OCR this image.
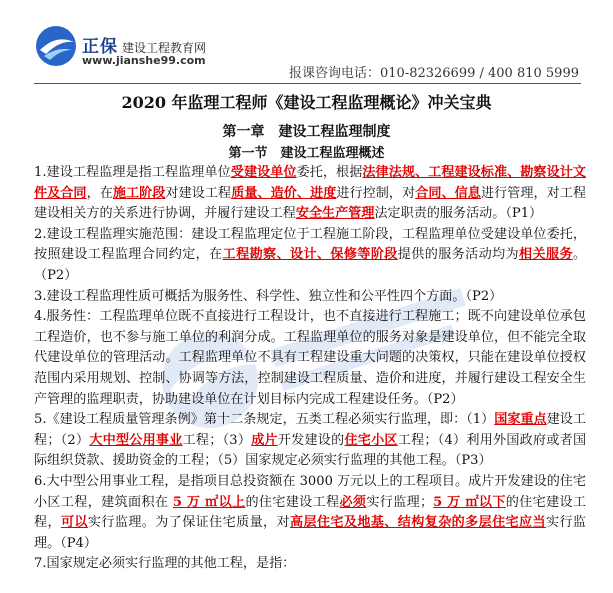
正保 建设工程教育网
www.jianshe99.com
报课咨询电话：010-82326699 / 400 810 5999
2020 年监理工程师《建设工程监理概论》冲关宝典
第一章　建设工程监理制度
第一节　建设工程监理概述

1.建设工程监理是指工程监理单位受建设单位委托，根据法律法规、工程建设标准、勘察设计文件及合同，在施工阶段对建设工程质量、造价、进度进行控制，对合同、信息进行管理，对工程建设相关方的关系进行协调，并履行建设工程安全生产管理法定职责的服务活动。（P1）

2.建设工程监理实施范围：建设工程监理定位于工程施工阶段，工程监理单位受建设单位委托，按照建设工程监理合同约定，在工程勘察、设计、保修等阶段提供的服务活动均为相关服务。（P2）

3.建设工程监理性质可概括为服务性、科学性、独立性和公平性四个方面。（P2）

4.服务性：工程监理单位既不直接进行工程设计，也不直接进行工程施工；既不向建设单位承包工程造价，也不参与施工单位的利润分成。工程监理单位的服务对象是建设单位，但不能完全取代建设单位的管理活动。工程监理单位不具有工程建设重大问题的决策权，只能在建设单位授权范围内采用规划、控制、协调等方法，控制建设工程质量、造价和进度，并履行建设工程安全生产管理的监理职责，协助建设单位在计划目标内完成工程建设任务。（P2）

5.《建设工程质量管理条例》第十二条规定，五类工程必须实行监理，即：（1）国家重点建设工程；（2）大中型公用事业工程；（3）成片开发建设的住宅小区工程；（4）利用外国政府或者国际组织贷款、援助资金的工程；（5）国家规定必须实行监理的其他工程。（P3）

6.大中型公用事业工程，是指项目总投资额在 3000 万元以上的工程项目。成片开发建设的住宅小区工程，建筑面积在 5 万 ㎡以上的住宅建设工程必须实行监理；5 万 ㎡以下的住宅建设工程，可以实行监理。为了保证住宅质量，对高层住宅及地基、结构复杂的多层住宅应当实行监理。（P4）

7.国家规定必须实行监理的其他工程，是指：
